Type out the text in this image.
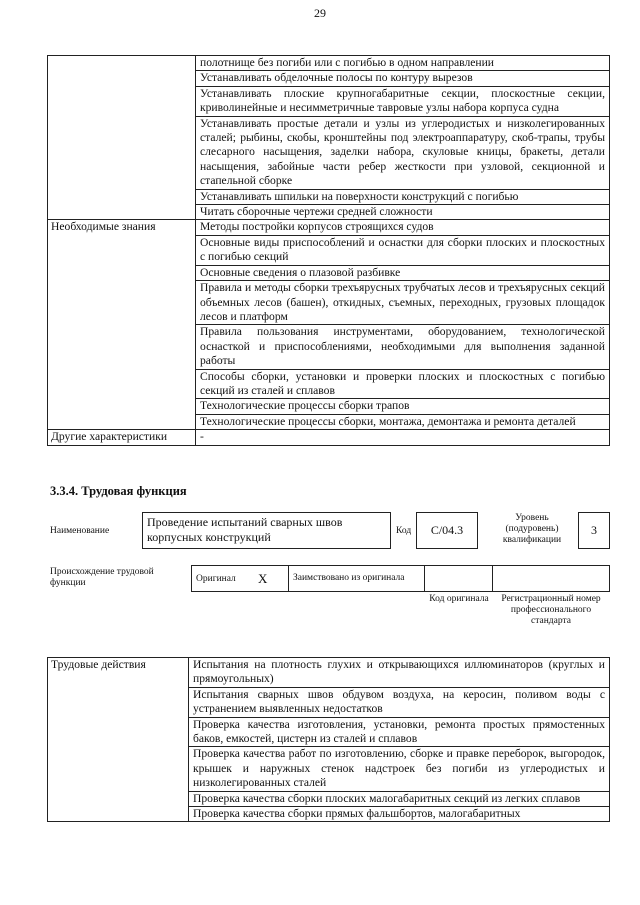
29
	полотнище без погиби или с погибью в одном направлении
	Устанавливать обделочные полосы по контуру вырезов
	Устанавливать плоские крупногабаритные секции, плоскостные секции, криволинейные и несимметричные тавровые узлы набора корпуса судна
	Устанавливать простые детали и узлы из углеродистых и низколегированных сталей; рыбины, скобы, кронштейны под электроаппаратуру, скоб-трапы, трубы слесарного насыщения, заделки набора, скуловые кницы, бракеты, детали насыщения, забойные части ребер жесткости при узловой, секционной и стапельной сборке
	Устанавливать шпильки на поверхности конструкций с погибью
	Читать сборочные чертежи средней сложности
Необходимые знания	Методы постройки корпусов строящихся судов
	Основные виды приспособлений и оснастки для сборки плоских и плоскостных с погибью секций
	Основные сведения о плазовой разбивке
	Правила и методы сборки трехъярусных трубчатых лесов и трехъярусных секций объемных лесов (башен), откидных, съемных, переходных, грузовых площадок лесов и платформ
	Правила пользования инструментами, оборудованием, технологической оснасткой и приспособлениями, необходимыми для выполнения заданной работы
	Способы сборки, установки и проверки плоских и плоскостных с погибью секций из сталей и сплавов
	Технологические процессы сборки трапов
	Технологические процессы сборки, монтажа, демонтажа и ремонта деталей
Другие характеристики	-
3.3.4. Трудовая функция
Наименование
Проведение испытаний сварных швов корпусных конструкций	Код	С/04.3
Уровень (подуровень) квалификации
3
Происхождение трудовой функции	Оригинал X	Заимствовано из оригинала
Код оригинала	Регистрационный номер профессионального стандарта
Трудовые действия	Испытания на плотность глухих и открывающихся иллюминаторов (круглых и прямоугольных)
Испытания сварных швов обдувом воздуха, на керосин, поливом воды с устранением выявленных недостатков
Проверка качества изготовления, установки, ремонта простых прямостенных баков, емкостей, цистерн из сталей и сплавов
Проверка качества работ по изготовлению, сборке и правке переборок, выгородок, крышек и наружных стенок надстроек без погиби из углеродистых и низколегированных сталей
Проверка качества сборки плоских малогабаритных секций из легких сплавов
Проверка качества сборки прямых фальшбортов, малогабаритных
